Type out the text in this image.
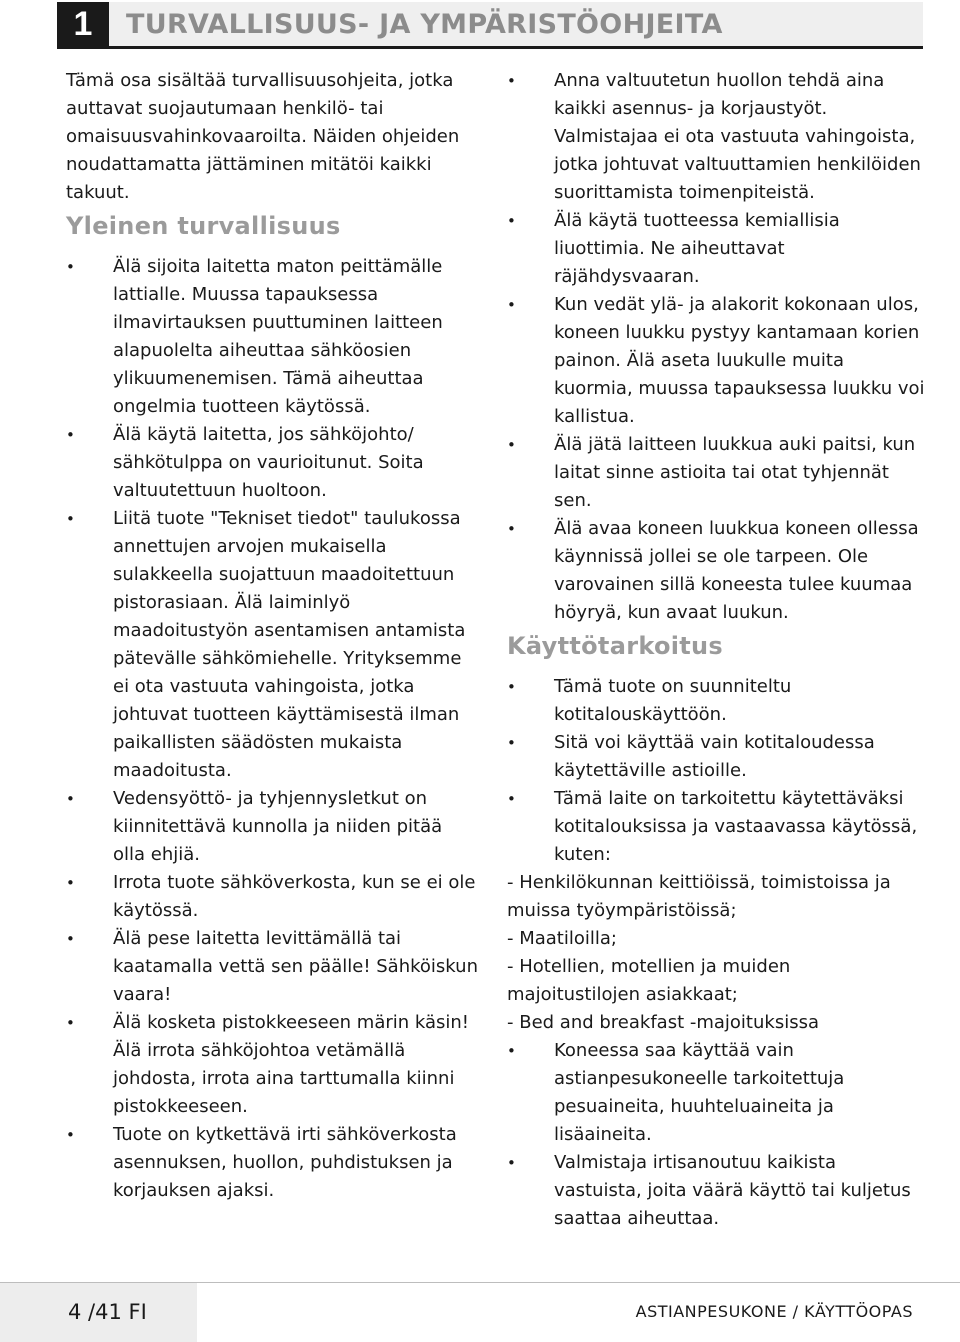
1	TURVALLISUUS- JA YMPÄRISTÖOHJEITA

Tämä osa sisältää turvallisuusohjeita, jotka auttavat suojautumaan henkilö- tai omaisuusvahinkovaaroilta. Näiden ohjeiden noudattamatta jättäminen mitätöi kaikki takuut.

Yleinen turvallisuus
• Älä sijoita laitetta maton peittämälle lattialle. Muussa tapauksessa ilmavirtauksen puuttuminen laitteen alapuolelta aiheuttaa sähköosien ylikuumenemisen. Tämä aiheuttaa ongelmia tuotteen käytössä.
• Älä käytä laitetta, jos sähköjohto/ sähkötulppa on vaurioitunut. Soita valtuutettuun huoltoon.
• Liitä tuote "Tekniset tiedot" taulukossa annettujen arvojen mukaisella sulakkeella suojattuun maadoitettuun pistorasiaan. Älä laiminlyö maadoitustyön asentamisen antamista pätevälle sähkömiehelle. Yrityksemme ei ota vastuuta vahingoista, jotka johtuvat tuotteen käyttämisestä ilman paikallisten säädösten mukaista maadoitusta.
• Vedensyöttö- ja tyhjennysletkut on kiinnitettävä kunnolla ja niiden pitää olla ehjiä.
• Irrota tuote sähköverkosta, kun se ei ole käytössä.
• Älä pese laitetta levittämällä tai kaatamalla vettä sen päälle! Sähköiskun vaara!
• Älä kosketa pistokkeeseen märin käsin! Älä irrota sähköjohtoa vetämällä johdosta, irrota aina tarttumalla kiinni pistokkeeseen.
• Tuote on kytkettävä irti sähköverkosta asennuksen, huollon, puhdistuksen ja korjauksen ajaksi.
• Anna valtuutetun huollon tehdä aina kaikki asennus- ja korjaustyöt. Valmistajaa ei ota vastuuta vahingoista, jotka johtuvat valtuuttamien henkilöiden suorittamista toimenpiteistä.
• Älä käytä tuotteessa kemiallisia liuottimia. Ne aiheuttavat räjähdysvaaran.
• Kun vedät ylä- ja alakorit kokonaan ulos, koneen luukku pystyy kantamaan korien painon. Älä aseta luukulle muita kuormia, muussa tapauksessa luukku voi kallistua.
• Älä jätä laitteen luukkua auki paitsi, kun laitat sinne astioita tai otat tyhjennät sen.
• Älä avaa koneen luukkua koneen ollessa käynnissä jollei se ole tarpeen. Ole varovainen sillä koneesta tulee kuumaa höyryä, kun avaat luukun.
Käyttötarkoitus
• Tämä tuote on suunniteltu kotitalouskäyttöön.
• Sitä voi käyttää vain kotitaloudessa käytettäville astioille.
• Tämä laite on tarkoitettu käytettäväksi kotitalouksissa ja vastaavassa käytössä, kuten:

- Henkilökunnan keittiöissä, toimistoissa ja muissa työympäristöissä;

- Maatiloilla;

- Hotellien, motellien ja muiden majoitustilojen asiakkaat;

- Bed and breakfast -majoituksissa

• Koneessa saa käyttää vain astianpesukoneelle tarkoitettuja pesuaineita, huuhteluaineita ja lisäaineita.
• Valmistaja irtisanoutuu kaikista vastuista, joita väärä käyttö tai kuljetus saattaa aiheuttaa.
4 /41 FI	ASTIANPESUKONE / KÄYTTÖOPAS
